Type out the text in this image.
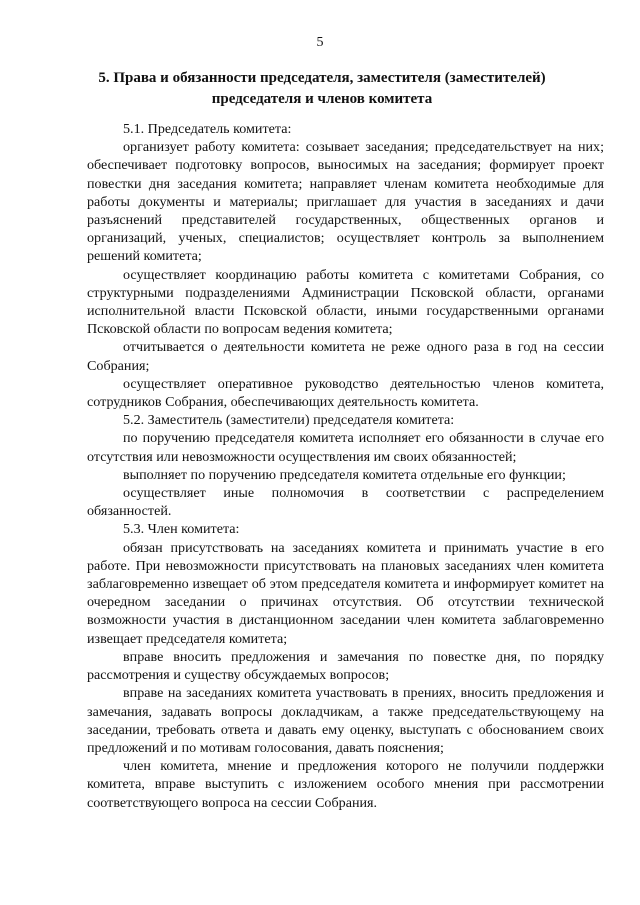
5
5. Права и обязанности председателя, заместителя (заместителей) председателя и членов комитета

5.1. Председатель комитета:

организует работу комитета: созывает заседания; председательствует на них; обеспечивает подготовку вопросов, выносимых на заседания; формирует проект повестки дня заседания комитета; направляет членам комитета необходимые для работы документы и материалы; приглашает для участия в заседаниях и дачи разъяснений представителей государственных, общественных органов и организаций, ученых, специалистов; осуществляет контроль за выполнением решений комитета;

осуществляет координацию работы комитета с комитетами Собрания, со структурными подразделениями Администрации Псковской области, органами исполнительной власти Псковской области, иными государственными органами Псковской области по вопросам ведения комитета;

отчитывается о деятельности комитета не реже одного раза в год на сессии Собрания;

осуществляет оперативное руководство деятельностью членов комитета, сотрудников Собрания, обеспечивающих деятельность комитета.

5.2. Заместитель (заместители) председателя комитета:

по поручению председателя комитета исполняет его обязанности в случае его отсутствия или невозможности осуществления им своих обязанностей;

выполняет по поручению председателя комитета отдельные его функции;

осуществляет иные полномочия в соответствии с распределением обязанностей.

5.3. Член комитета:

обязан присутствовать на заседаниях комитета и принимать участие в его работе. При невозможности присутствовать на плановых заседаниях член комитета заблаговременно извещает об этом председателя комитета и информирует комитет на очередном заседании о причинах отсутствия. Об отсутствии технической возможности участия в дистанционном заседании член комитета заблаговременно извещает председателя комитета;

вправе вносить предложения и замечания по повестке дня, по порядку рассмотрения и существу обсуждаемых вопросов;

вправе на заседаниях комитета участвовать в прениях, вносить предложения и замечания, задавать вопросы докладчикам, а также председательствующему на заседании, требовать ответа и давать ему оценку, выступать с обоснованием своих предложений и по мотивам голосования, давать пояснения;

член комитета, мнение и предложения которого не получили поддержки комитета, вправе выступить с изложением особого мнения при рассмотрении соответствующего вопроса на сессии Собрания.
